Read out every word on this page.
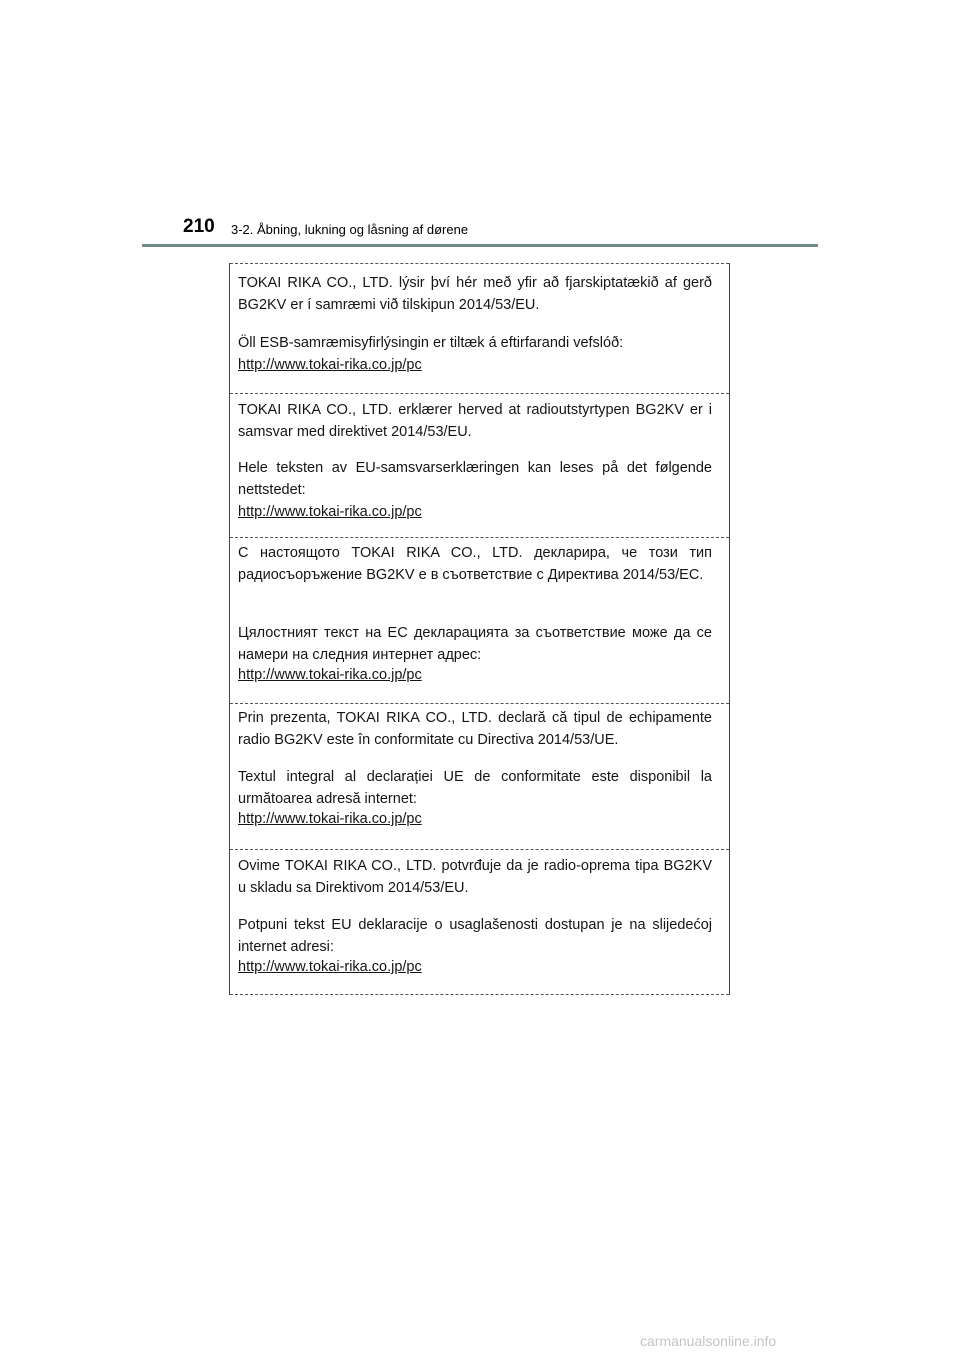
210 3-2. Åbning, lukning og låsning af dørene

TOKAI RIKA CO., LTD. lýsir því hér með yfir að fjarskiptatækið af gerð BG2KV er í samræmi við tilskipun 2014/53/EU.

Öll ESB-samræmisyfirlýsingin er tiltæk á eftirfarandi vefslóð:

http://www.tokai-rika.co.jp/pc

TOKAI RIKA CO., LTD. erklærer herved at radioutstyrtypen BG2KV er i samsvar med direktivet 2014/53/EU.

Hele teksten av EU-samsvarserklæringen kan leses på det følgende nettstedet:

http://www.tokai-rika.co.jp/pc

С настоящото TOKAI RIKA CO., LTD. декларира, че този тип радиосъоръжение BG2KV е в съответствие с Директива 2014/53/ЕС.

Цялостният текст на ЕС декларацията за съответствие може да се намери на следния интернет адрес:

http://www.tokai-rika.co.jp/pc

Prin prezenta, TOKAI RIKA CO., LTD. declară că tipul de echipamente radio BG2KV este în conformitate cu Directiva 2014/53/UE.

Textul integral al declarației UE de conformitate este disponibil la următoarea adresă internet:

http://www.tokai-rika.co.jp/pc

Ovime TOKAI RIKA CO., LTD. potvrđuje da je radio-oprema tipa BG2KV u skladu sa Direktivom 2014/53/EU.

Potpuni tekst EU deklaracije o usaglašenosti dostupan je na slijedećoj internet adresi:

http://www.tokai-rika.co.jp/pc
carmanualsonline.info
